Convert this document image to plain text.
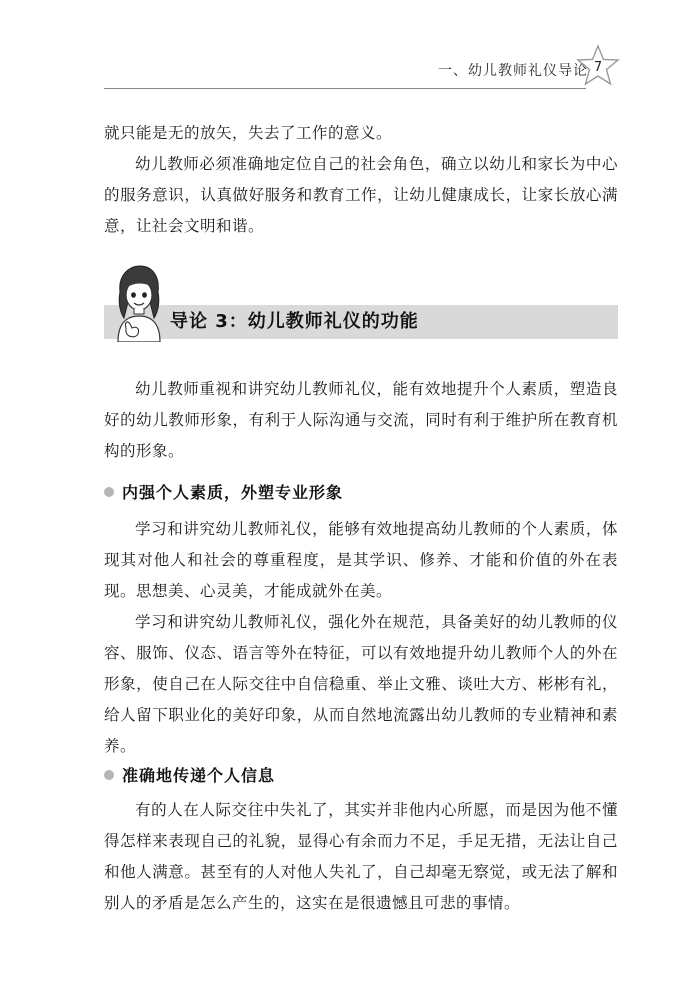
一、幼儿教师礼仪导论 7

就只能是无的放矢，失去了工作的意义。

幼儿教师必须准确地定位自己的社会角色，确立以幼儿和家长为中心的服务意识，认真做好服务和教育工作，让幼儿健康成长，让家长放心满意，让社会文明和谐。

导论 3：幼儿教师礼仪的功能

幼儿教师重视和讲究幼儿教师礼仪，能有效地提升个人素质，塑造良好的幼儿教师形象，有利于人际沟通与交流，同时有利于维护所在教育机构的形象。

内强个人素质，外塑专业形象

学习和讲究幼儿教师礼仪，能够有效地提高幼儿教师的个人素质，体现其对他人和社会的尊重程度，是其学识、修养、才能和价值的外在表现。思想美、心灵美，才能成就外在美。

学习和讲究幼儿教师礼仪，强化外在规范，具备美好的幼儿教师的仪容、服饰、仪态、语言等外在特征，可以有效地提升幼儿教师个人的外在形象，使自己在人际交往中自信稳重、举止文雅、谈吐大方、彬彬有礼，给人留下职业化的美好印象，从而自然地流露出幼儿教师的专业精神和素养。

准确地传递个人信息

有的人在人际交往中失礼了，其实并非他内心所愿，而是因为他不懂得怎样来表现自己的礼貌，显得心有余而力不足，手足无措，无法让自己和他人满意。甚至有的人对他人失礼了，自己却毫无察觉，或无法了解和别人的矛盾是怎么产生的，这实在是很遗憾且可悲的事情。
